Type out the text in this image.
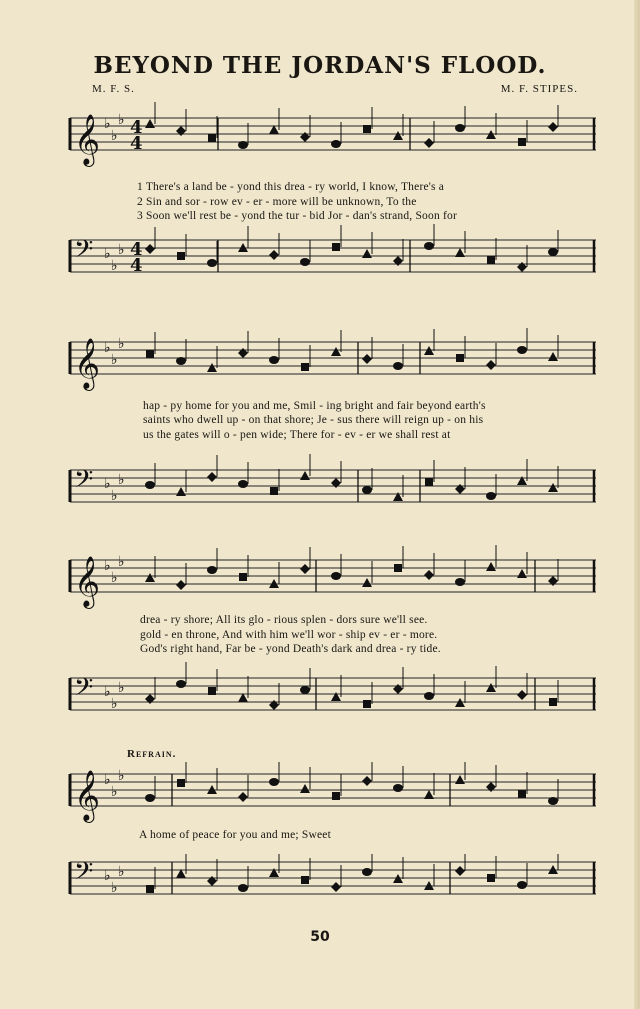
BEYOND THE JORDAN'S FLOOD.
M. F. S.	M. F. STIPES.
𝄞 ♭
♭
♭ 4
4
𝄢 ♭
♭
♭ 4
4
1 There's a land be - yond this drea - ry world, I know, There's a
2 Sin and sor - row ev - er - more will be unknown, To the
3 Soon we'll rest be - yond the tur - bid Jor - dan's strand, Soon for
𝄞 ♭
♭
♭
𝄢 ♭
♭
♭
hap - py home for you and me, Smil - ing bright and fair beyond earth's
saints who dwell up - on that shore; Je - sus there will reign up - on his
us the gates will o - pen wide; There for - ev - er we shall rest at
𝄞 ♭
♭
♭
𝄢 ♭
♭
♭
drea - ry shore; All its glo - rious splen - dors sure we'll see.
gold - en throne, And with him we'll wor - ship ev - er - more.
God's right hand, Far be - yond Death's dark and drea - ry tide.
Refrain.
𝄞 ♭
♭
♭
𝄢 ♭
♭
♭
A home of peace for you and me; Sweet
50
